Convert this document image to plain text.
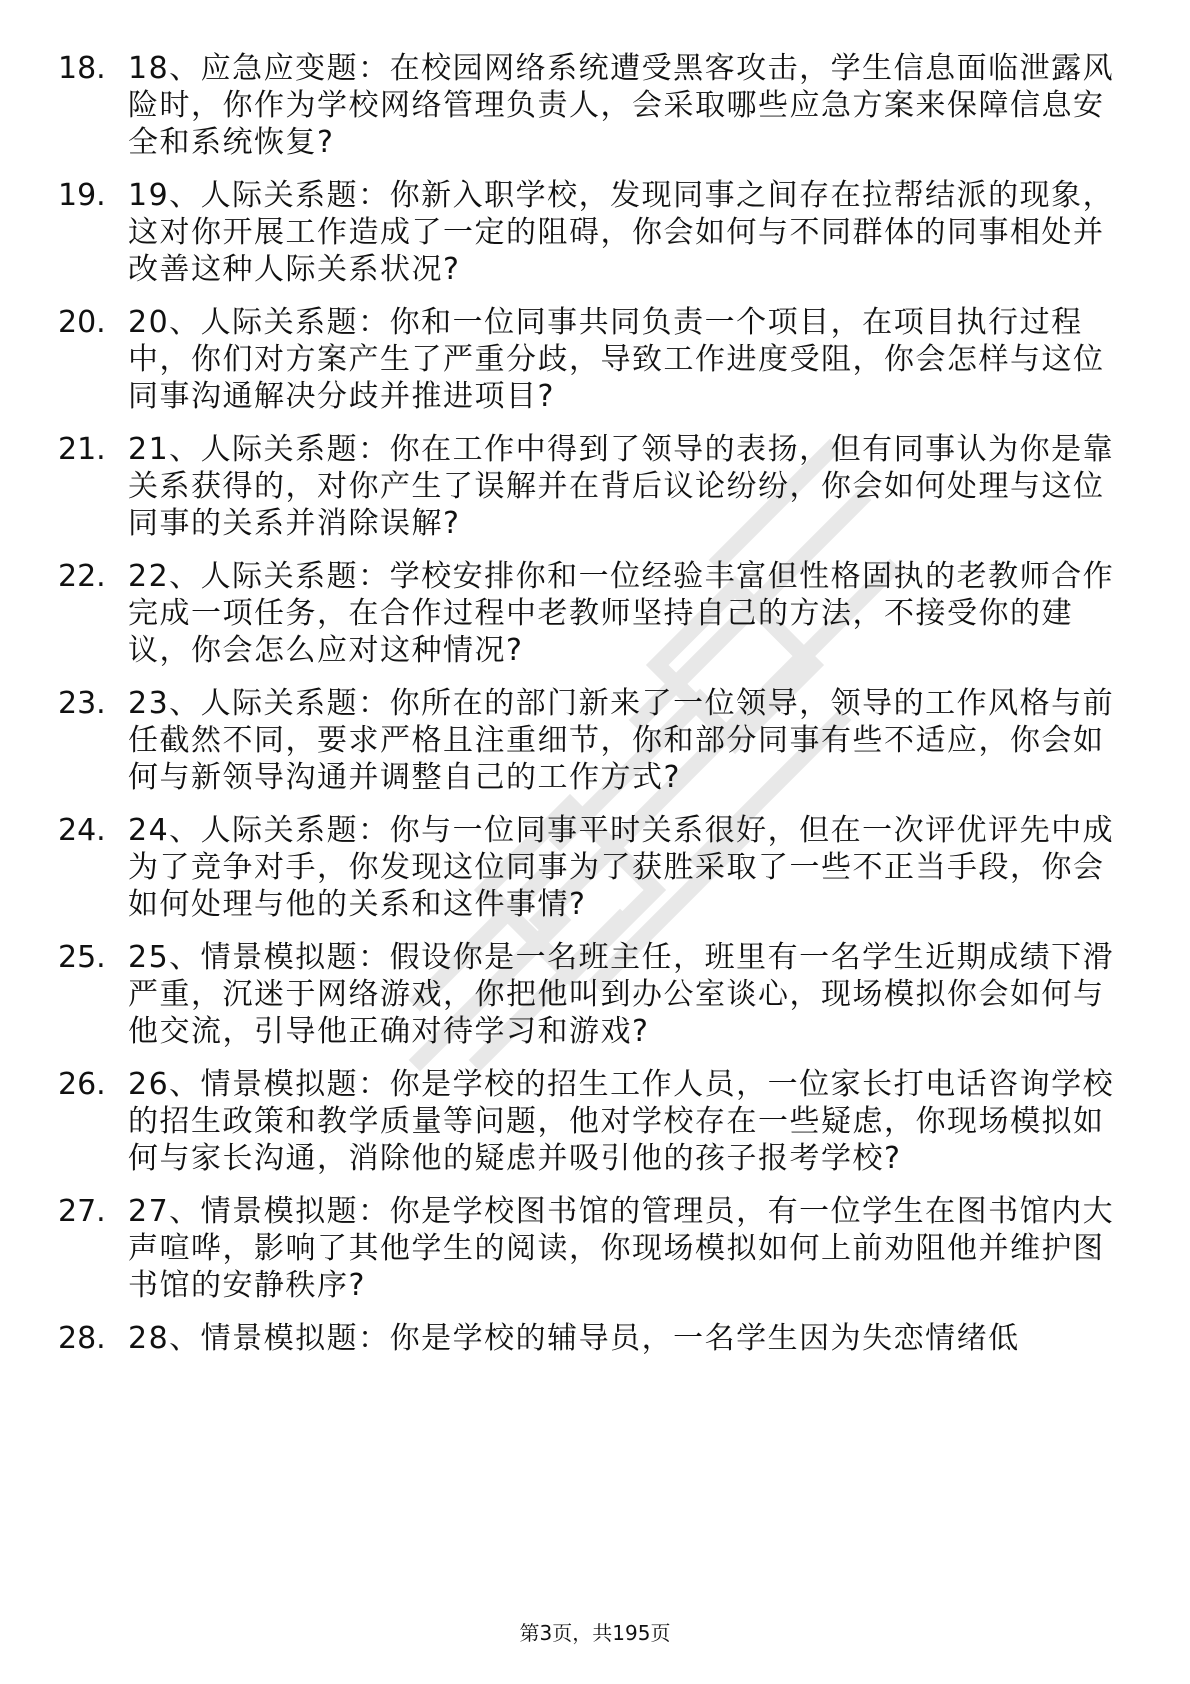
18. 18、应急应变题：在校园网络系统遭受黑客攻击，学生信息面临泄露风险时，你作为学校网络管理负责人，会采取哪些应急方案来保障信息安全和系统恢复?
19. 19、人际关系题：你新入职学校，发现同事之间存在拉帮结派的现象，这对你开展工作造成了一定的阻碍，你会如何与不同群体的同事相处并改善这种人际关系状况?
20. 20、人际关系题：你和一位同事共同负责一个项目，在项目执行过程中，你们对方案产生了严重分歧，导致工作进度受阻，你会怎样与这位同事沟通解决分歧并推进项目?
21. 21、人际关系题：你在工作中得到了领导的表扬，但有同事认为你是靠关系获得的，对你产生了误解并在背后议论纷纷，你会如何处理与这位同事的关系并消除误解?
22. 22、人际关系题：学校安排你和一位经验丰富但性格固执的老教师合作完成一项任务，在合作过程中老教师坚持自己的方法，不接受你的建议，你会怎么应对这种情况?
23. 23、人际关系题：你所在的部门新来了一位领导，领导的工作风格与前任截然不同，要求严格且注重细节，你和部分同事有些不适应，你会如何与新领导沟通并调整自己的工作方式?
24. 24、人际关系题：你与一位同事平时关系很好，但在一次评优评先中成为了竞争对手，你发现这位同事为了获胜采取了一些不正当手段，你会如何处理与他的关系和这件事情?
25. 25、情景模拟题：假设你是一名班主任，班里有一名学生近期成绩下滑严重，沉迷于网络游戏，你把他叫到办公室谈心，现场模拟你会如何与他交流，引导他正确对待学习和游戏?
26. 26、情景模拟题：你是学校的招生工作人员，一位家长打电话咨询学校的招生政策和教学质量等问题，他对学校存在一些疑虑，你现场模拟如何与家长沟通，消除他的疑虑并吸引他的孩子报考学校?
27. 27、情景模拟题：你是学校图书馆的管理员，有一位学生在图书馆内大声喧哗，影响了其他学生的阅读，你现场模拟如何上前劝阻他并维护图书馆的安静秩序?
28. 28、情景模拟题：你是学校的辅导员，一名学生因为失恋情绪低
第3页，共195页
